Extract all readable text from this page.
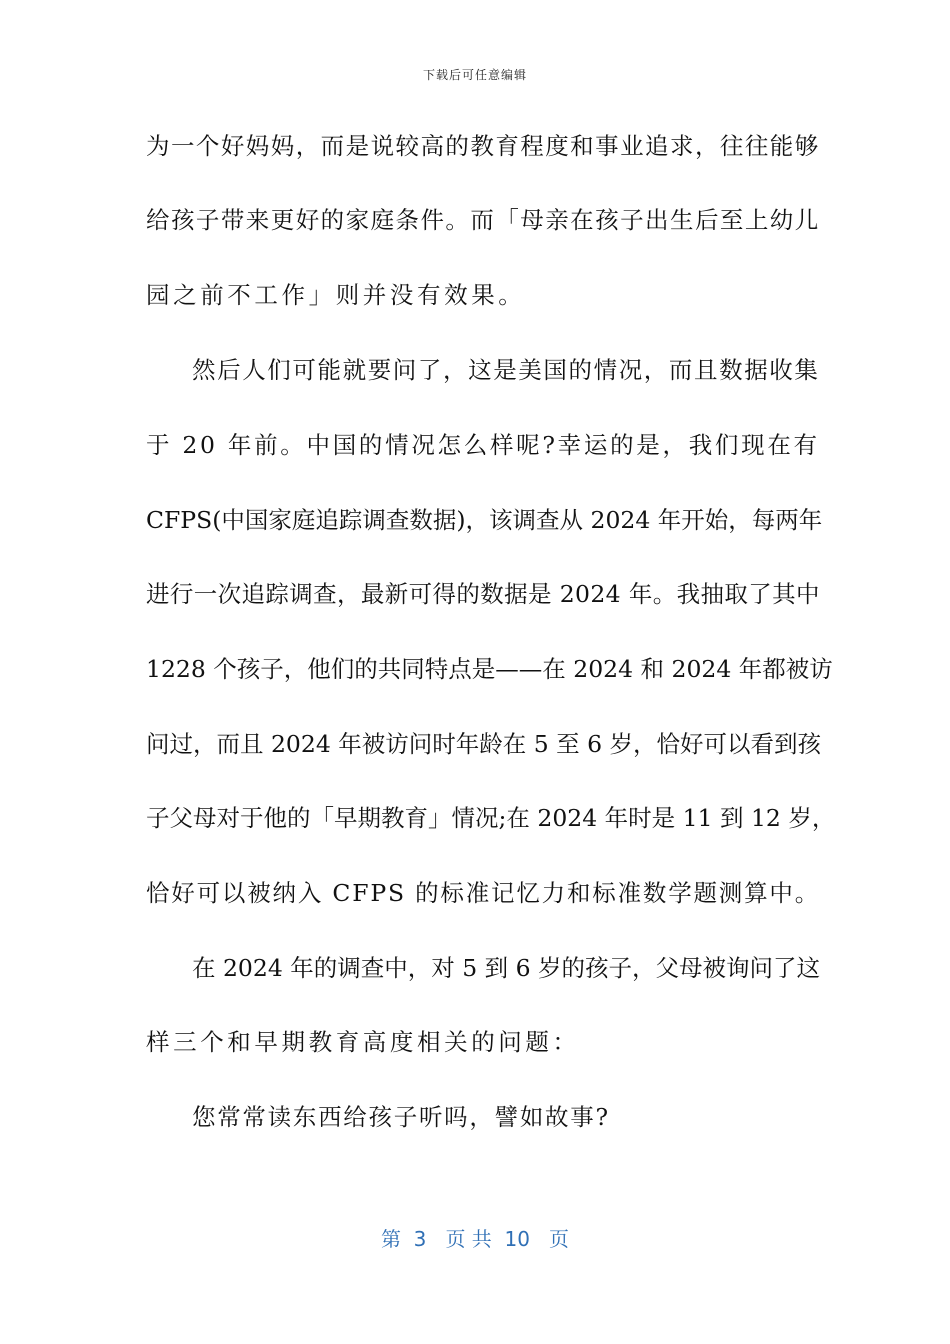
下载后可任意编辑
为一个好妈妈，而是说较高的教育程度和事业追求，往往能够
给孩子带来更好的家庭条件。而「母亲在孩子出生后至上幼儿
园之前不工作」则并没有效果。
然后人们可能就要问了，这是美国的情况，而且数据收集
于 20 年前。中国的情况怎么样呢?幸运的是，我们现在有
CFPS(中国家庭追踪调查数据)，该调查从 2024 年开始，每两年
进行一次追踪调查，最新可得的数据是 2024 年。我抽取了其中
1228 个孩子，他们的共同特点是——在 2024 和 2024 年都被访
问过，而且 2024 年被访问时年龄在 5 至 6 岁，恰好可以看到孩
子父母对于他的「早期教育」情况;在 2024 年时是 11 到 12 岁，
恰好可以被纳入 CFPS 的标准记忆力和标准数学题测算中。
在 2024 年的调查中，对 5 到 6 岁的孩子，父母被询问了这
样三个和早期教育高度相关的问题：
您常常读东西给孩子听吗，譬如故事?
第  3   页 共  10   页
